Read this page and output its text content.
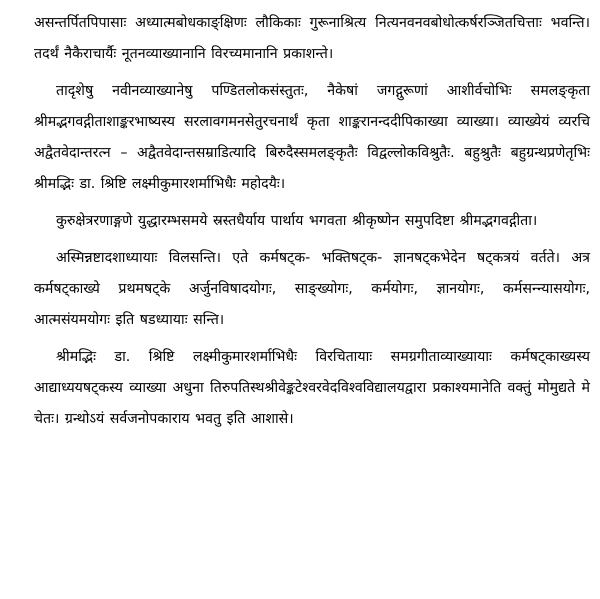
असन्तर्पितपिपासाः अध्यात्मबोधकाङ्क्षिणः लौकिकाः गुरूनाश्रित्य नित्यनवनवबोधोत्कर्षरञ्जितचित्ताः भवन्ति। तदर्थं नैकैराचार्यैः नूतनव्याख्यानानि विरच्यमानानि प्रकाशन्ते।

तादृशेषु नवीनव्याख्यानेषु पण्डितलोकसंस्तुतः, नैकेषां जगद्गुरूणां आशीर्वचोभिः समलङ्कृता श्रीमद्भगवद्गीताशाङ्करभाष्यस्य सरलावगमनसेतुरचनार्थं कृता शाङ्करानन्ददीपिकाख्या व्याख्या। व्याख्येयं व्यरचि अद्वैतवेदान्तरत्न – अद्वैतवेदान्तसम्राडित्यादि बिरुदैस्समलङ्कृतैः विद्वल्लोकविश्रुतैः. बहुश्रुतैः बहुग्रन्थप्रणेतृभिः श्रीमद्भिः डा. श्रिष्टि लक्ष्मीकुमारशर्माभिधैः महोदयैः।

कुरुक्षेत्ररणाङ्गणे युद्धारम्भसमये स्रस्तधैर्याय पार्थाय भगवता श्रीकृष्णेन समुपदिष्टा श्रीमद्भगवद्गीता।

अस्मिन्नष्टादशाध्यायाः विलसन्ति। एते कर्मषट्क- भक्तिषट्क- ज्ञानषट्कभेदेन षट्कत्रयं वर्तते। अत्र कर्मषट्काख्ये प्रथमषट्के अर्जुनविषादयोगः, साङ्ख्योगः, कर्मयोगः, ज्ञानयोगः, कर्मसन्न्यासयोगः, आत्मसंयमयोगः इति षडध्यायाः सन्ति।

श्रीमद्भिः डा. श्रिष्टि लक्ष्मीकुमारशर्माभिधैः विरचितायाः समग्रगीताव्याख्यायाः कर्मषट्काख्यस्य आद्याध्ययषट्कस्य व्याख्या अधुना तिरुपतिस्थश्रीवेङ्कटेश्वरवेदविश्वविद्यालयद्वारा प्रकाश्यमानेति वक्तुं मोमुद्यते मे चेतः। ग्रन्थोऽयं सर्वजनोपकाराय भवतु इति आशासे।
